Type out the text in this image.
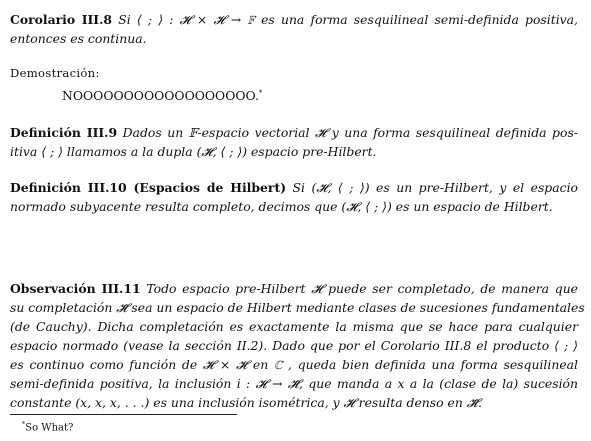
Corolario III.8 Si ⟨ ; ⟩ : 𝓗 × 𝓗 → 𝔽 es una forma sesquilineal semi-definida positiva,
entonces es continua.
Demostración:
NOOOOOOOOOOOOOOOOOO.*
Definición III.9 Dados un 𝔽-espacio vectorial 𝓗 y una forma sesquilineal definida pos-
itiva ⟨ ; ⟩ llamamos a la dupla (𝓗, ⟨ ; ⟩) espacio pre-Hilbert.
Definición III.10 (Espacios de Hilbert) Si (𝓗, ⟨ ; ⟩) es un pre-Hilbert, y el espacio
normado subyacente resulta completo, decimos que (𝓗, ⟨ ; ⟩) es un espacio de Hilbert.
Observación III.11 Todo espacio pre-Hilbert 𝓗 puede ser completado, de manera que
su completación 𝓗̄ sea un espacio de Hilbert mediante clases de sucesiones fundamentales
(de Cauchy). Dicha completación es exactamente la misma que se hace para cualquier
espacio normado (vease la sección II.2). Dado que por el Corolario III.8 el producto ⟨ ; ⟩
es continuo como función de 𝓗 × 𝓗 en ℂ , queda bien definida una forma sesquilineal
semi-definida positiva, la inclusión i : 𝓗 → 𝓗̄, que manda a x a la (clase de la) sucesión
constante (x, x, x, . . .) es una inclusión isométrica, y 𝓗 resulta denso en 𝓗̄.
*So What?
